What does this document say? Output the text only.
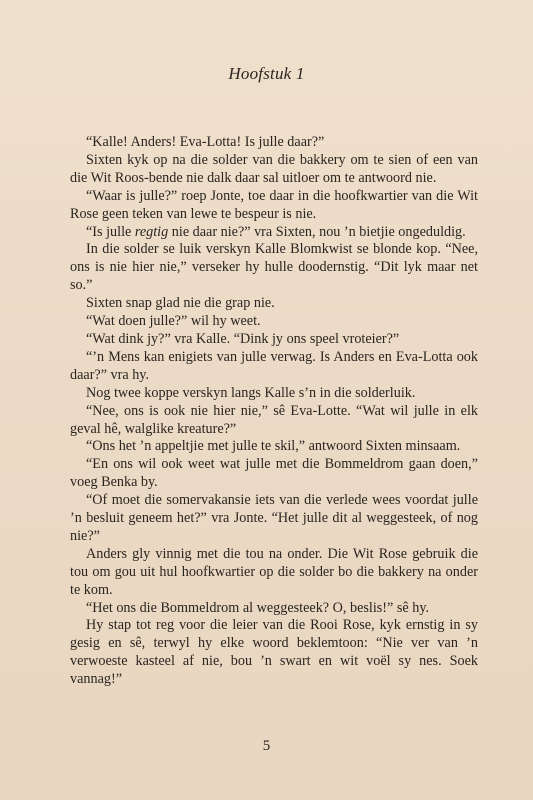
Hoofstuk 1

“Kalle! Anders! Eva-Lotta! Is julle daar?”

Sixten kyk op na die solder van die bakkery om te sien of een van die Wit Roos-bende nie dalk daar sal uitloer om te antwoord nie.

“Waar is julle?” roep Jonte, toe daar in die hoofkwartier van die Wit Rose geen teken van lewe te bespeur is nie.

“Is julle regtig nie daar nie?” vra Sixten, nou ’n bietjie ongeduldig.

In die solder se luik verskyn Kalle Blomkwist se blonde kop. “Nee, ons is nie hier nie,” verseker hy hulle doodernstig. “Dit lyk maar net so.”

Sixten snap glad nie die grap nie.

“Wat doen julle?” wil hy weet.

“Wat dink jy?” vra Kalle. “Dink jy ons speel vroteier?”

“’n Mens kan enigiets van julle verwag. Is Anders en Eva-Lotta ook daar?” vra hy.

Nog twee koppe verskyn langs Kalle s’n in die solderluik.

“Nee, ons is ook nie hier nie,” sê Eva-Lotte. “Wat wil julle in elk geval hê, walglike kreature?”

“Ons het ’n appeltjie met julle te skil,” antwoord Sixten minsaam.

“En ons wil ook weet wat julle met die Bommeldrom gaan doen,” voeg Benka by.

“Of moet die somervakansie iets van die verlede wees voordat julle ’n besluit geneem het?” vra Jonte. “Het julle dit al weggesteek, of nog nie?”

Anders gly vinnig met die tou na onder. Die Wit Rose gebruik die tou om gou uit hul hoofkwartier op die solder bo die bakkery na onder te kom.

“Het ons die Bommeldrom al weggesteek? O, beslis!” sê hy.

Hy stap tot reg voor die leier van die Rooi Rose, kyk ernstig in sy gesig en sê, terwyl hy elke woord beklemtoon: “Nie ver van ’n verwoeste kasteel af nie, bou ’n swart en wit voël sy nes. Soek vannag!”

5
